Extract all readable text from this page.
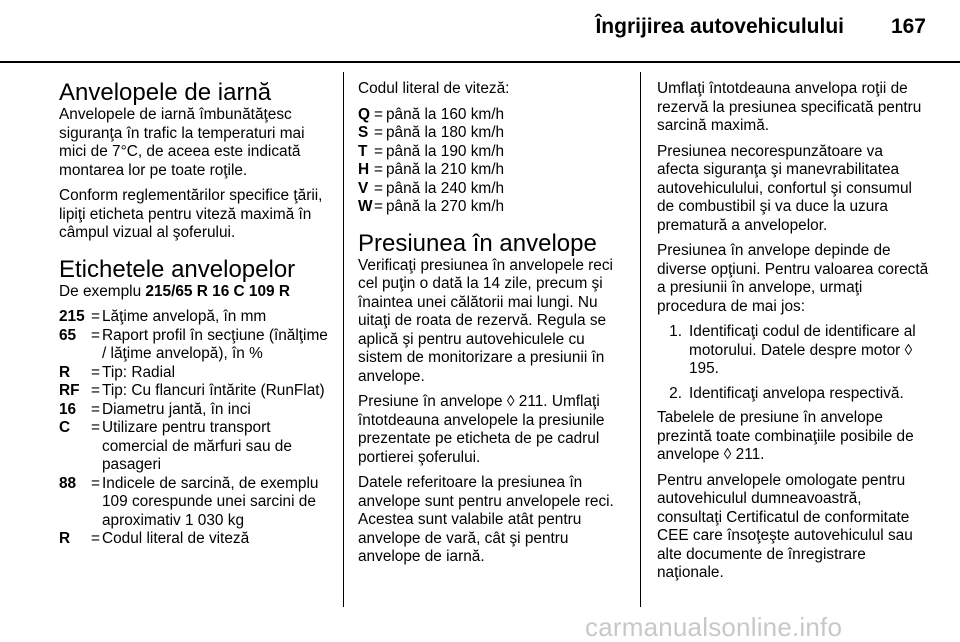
Îngrijirea autovehiculului 167
Anvelopele de iarnă

Anvelopele de iarnă îmbunătăţesc siguranţa în trafic la temperaturi mai mici de 7°C, de aceea este indicată montarea lor pe toate roţile.

Conform reglementărilor specifice ţării, lipiţi eticheta pentru viteză maximă în câmpul vizual al şoferului.

Etichetele anvelopelor

De exemplu 215/65 R 16 C 109 R

215 = Lăţime anvelopă, în mm
65 = Raport profil în secţiune (înălţime / lăţime anvelopă), în %
R	= Tip: Radial
RF = Tip: Cu flancuri întărite (RunFlat)
16 = Diametru jantă, în inci
C	= Utilizare pentru transport comercial de mărfuri sau de pasageri
88 = Indicele de sarcină, de exemplu 109 corespunde unei sarcini de aproximativ 1 030 kg
R	= Codul literal de viteză

Codul literal de viteză:

Q = până la 160 km/h
S = până la 180 km/h
T = până la 190 km/h
H = până la 210 km/h
V = până la 240 km/h
W = până la 270 km/h
Presiunea în anvelope

Verificaţi presiunea în anvelopele reci cel puţin o dată la 14 zile, precum şi înaintea unei călătorii mai lungi. Nu uitaţi de roata de rezervă. Regula se aplică şi pentru autovehiculele cu sistem de monitorizare a presiunii în anvelope.

Presiune în anvelope ◊ 211. Umflaţi întotdeauna anvelopele la presiunile prezentate pe eticheta de pe cadrul portierei şoferului.

Datele referitoare la presiunea în anvelope sunt pentru anvelopele reci. Acestea sunt valabile atât pentru anvelope de vară, cât şi pentru anvelope de iarnă.

Umflaţi întotdeauna anvelopa roţii de rezervă la presiunea specificată pentru sarcină maximă.

Presiunea necorespunzătoare va afecta siguranţa şi manevrabilitatea autovehiculului, confortul şi consumul de combustibil şi va duce la uzura prematură a anvelopelor.

Presiunea în anvelope depinde de diverse opţiuni. Pentru valoarea corectă a presiunii în anvelope, urmaţi procedura de mai jos:

1. Identificaţi codul de identificare al motorului. Datele despre motor ◊ 195.
2. Identificaţi anvelopa respectivă.

Tabelele de presiune în anvelope prezintă toate combinaţiile posibile de anvelope ◊ 211.

Pentru anvelopele omologate pentru autovehiculul dumneavoastră, consultaţi Certificatul de conformitate CEE care însoţeşte autovehiculul sau alte documente de înregistrare naţionale.

carmanualsonline.info
